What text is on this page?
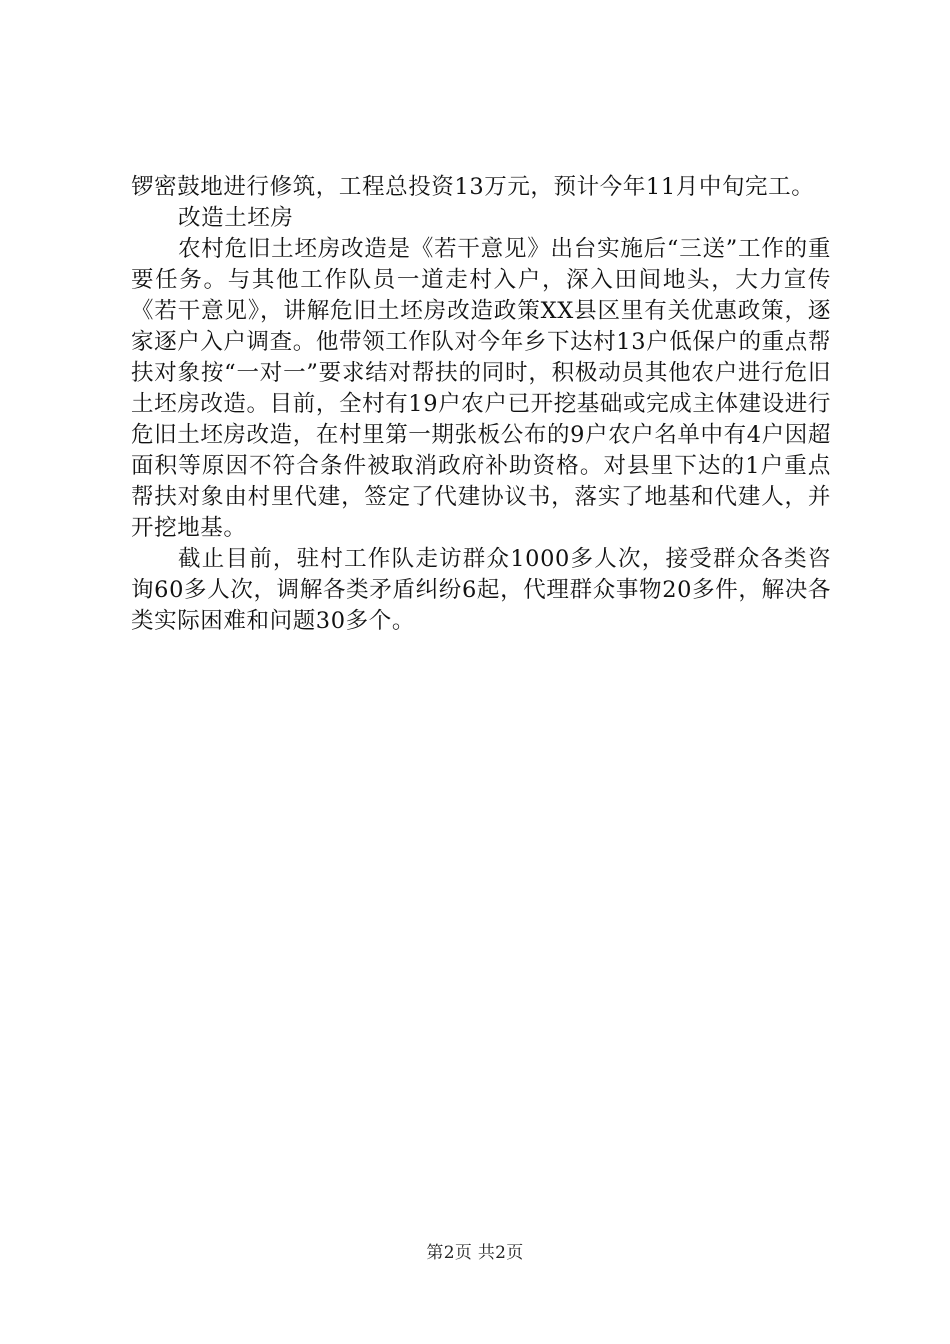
锣密鼓地进行修筑，工程总投资13万元，预计今年11月中旬完工。

改造土坯房

农村危旧土坯房改造是《若干意见》出台实施后“三送”工作的重要任务。与其他工作队员一道走村入户，深入田间地头，大力宣传《若干意见》，讲解危旧土坯房改造政策XX县区里有关优惠政策，逐家逐户入户调查。他带领工作队对今年乡下达村13户低保户的重点帮扶对象按“一对一”要求结对帮扶的同时，积极动员其他农户进行危旧土坯房改造。目前，全村有19户农户已开挖基础或完成主体建设进行危旧土坯房改造，在村里第一期张板公布的9户农户名单中有4户因超面积等原因不符合条件被取消政府补助资格。对县里下达的1户重点帮扶对象由村里代建，签定了代建协议书，落实了地基和代建人，并开挖地基。

截止目前，驻村工作队走访群众1000多人次，接受群众各类咨询60多人次，调解各类矛盾纠纷6起，代理群众事物20多件，解决各类实际困难和问题30多个。

第2页 共2页
